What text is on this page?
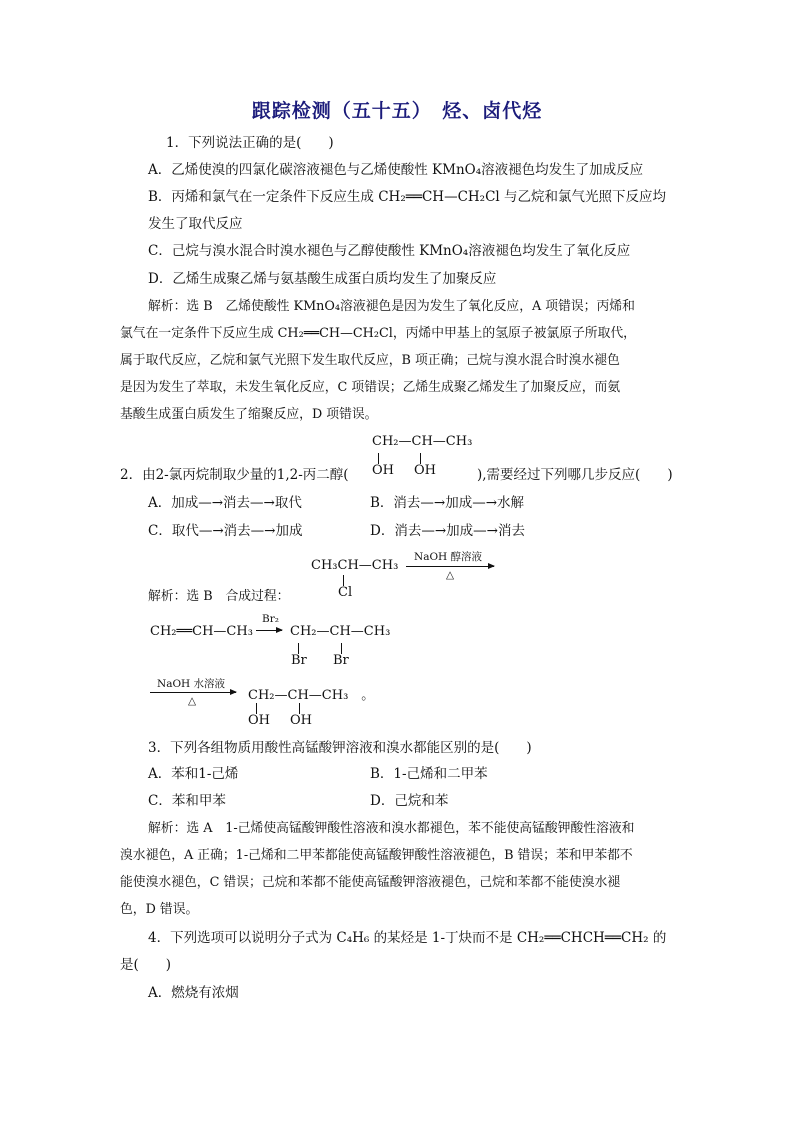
跟踪检测（五十五）　烃、卤代烃
1．下列说法正确的是(　　)
A．乙烯使溴的四氯化碳溶液褪色与乙烯使酸性 KMnO₄溶液褪色均发生了加成反应
B．丙烯和氯气在一定条件下反应生成 CH₂══CH—CH₂Cl 与乙烷和氯气光照下反应均
发生了取代反应
C．己烷与溴水混合时溴水褪色与乙醇使酸性 KMnO₄溶液褪色均发生了氧化反应
D．乙烯生成聚乙烯与氨基酸生成蛋白质均发生了加聚反应
解析：选 B　乙烯使酸性 KMnO₄溶液褪色是因为发生了氧化反应，A 项错误；丙烯和
氯气在一定条件下反应生成 CH₂══CH—CH₂Cl，丙烯中甲基上的氢原子被氯原子所取代，
属于取代反应，乙烷和氯气光照下发生取代反应，B 项正确；己烷与溴水混合时溴水褪色
是因为发生了萃取，未发生氧化反应，C 项错误；乙烯生成聚乙烯发生了加聚反应，而氨
基酸生成蛋白质发生了缩聚反应，D 项错误。
CH₂—CH—CH₃
2．由2-氯丙烷制取少量的1,2-丙二醇( OH OH	),需要经过下列哪几步反应(　　)
A．加成—→消去—→取代	B．消去—→加成—→水解
C．取代—→消去—→加成	D．消去—→加成—→消去
CH₃CH—CH₃
Cl
NaOH 醇溶液
△
解析：选 B　合成过程：
CH₂══CH—CH₃
Br₂
CH₂—CH—CH₃
Br Br
NaOH 水溶液
△	CH₂—CH—CH₃　。
OH OH
3．下列各组物质用酸性高锰酸钾溶液和溴水都能区别的是(　　)
A．苯和1-己烯	B．1-己烯和二甲苯
C．苯和甲苯	D．己烷和苯
解析：选 A　1-己烯使高锰酸钾酸性溶液和溴水都褪色，苯不能使高锰酸钾酸性溶液和
溴水褪色，A 正确；1-己烯和二甲苯都能使高锰酸钾酸性溶液褪色，B 错误；苯和甲苯都不
能使溴水褪色，C 错误；己烷和苯都不能使高锰酸钾溶液褪色，己烷和苯都不能使溴水褪
色，D 错误。
4．下列选项可以说明分子式为 C₄H₆ 的某烃是 1-丁炔而不是 CH₂══CHCH══CH₂ 的
是(　　)
A．燃烧有浓烟
